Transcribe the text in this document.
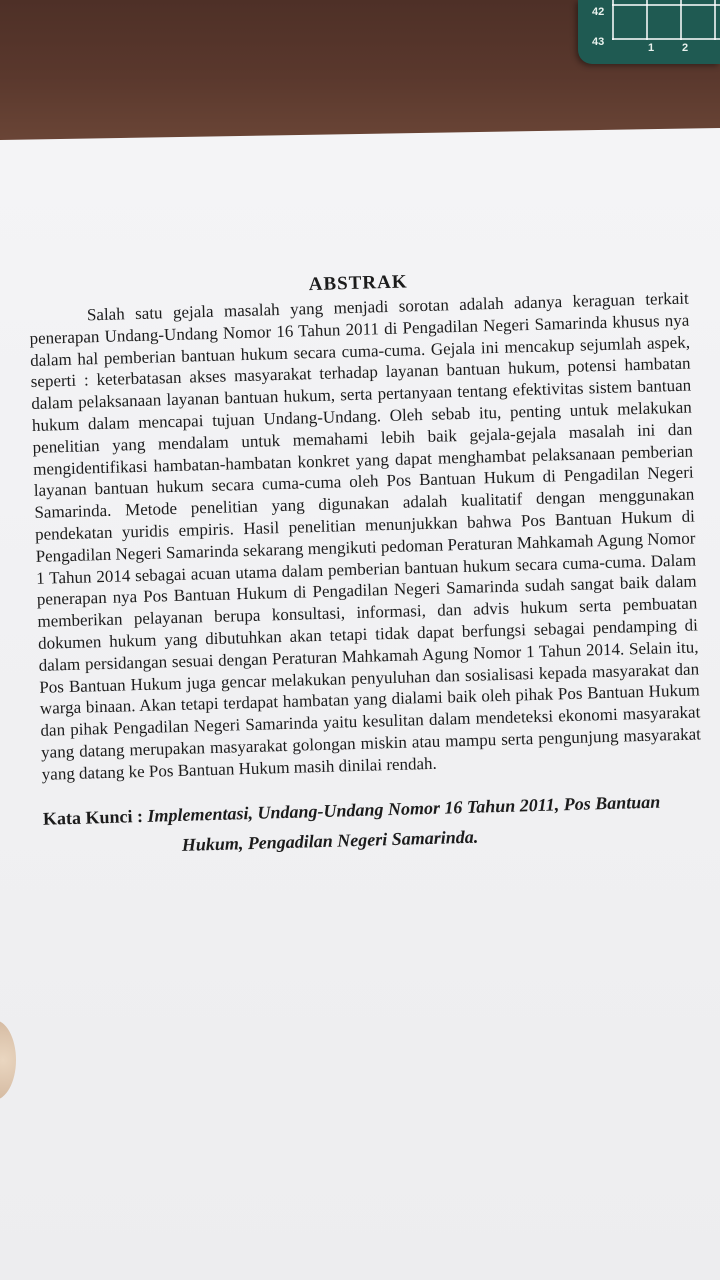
42
43	1	2
ABSTRAK

Salah satu gejala masalah yang menjadi sorotan adalah adanya keraguan terkait penerapan Undang-Undang Nomor 16 Tahun 2011 di Pengadilan Negeri Samarinda khusus nya dalam hal pemberian bantuan hukum secara cuma-cuma. Gejala ini mencakup sejumlah aspek, seperti : keterbatasan akses masyarakat terhadap layanan bantuan hukum, potensi hambatan dalam pelaksanaan layanan bantuan hukum, serta pertanyaan tentang efektivitas sistem bantuan hukum dalam mencapai tujuan Undang-Undang. Oleh sebab itu, penting untuk melakukan penelitian yang mendalam untuk memahami lebih baik gejala-gejala masalah ini dan mengidentifikasi hambatan-hambatan konkret yang dapat menghambat pelaksanaan pemberian layanan bantuan hukum secara cuma-cuma oleh Pos Bantuan Hukum di Pengadilan Negeri Samarinda. Metode penelitian yang digunakan adalah kualitatif dengan menggunakan pendekatan yuridis empiris. Hasil penelitian menunjukkan bahwa Pos Bantuan Hukum di Pengadilan Negeri Samarinda sekarang mengikuti pedoman Peraturan Mahkamah Agung Nomor 1 Tahun 2014 sebagai acuan utama dalam pemberian bantuan hukum secara cuma-cuma. Dalam penerapan nya Pos Bantuan Hukum di Pengadilan Negeri Samarinda sudah sangat baik dalam memberikan pelayanan berupa konsultasi, informasi, dan advis hukum serta pembuatan dokumen hukum yang dibutuhkan akan tetapi tidak dapat berfungsi sebagai pendamping di dalam persidangan sesuai dengan Peraturan Mahkamah Agung Nomor 1 Tahun 2014. Selain itu, Pos Bantuan Hukum juga gencar melakukan penyuluhan dan sosialisasi kepada masyarakat dan warga binaan. Akan tetapi terdapat hambatan yang dialami baik oleh pihak Pos Bantuan Hukum dan pihak Pengadilan Negeri Samarinda yaitu kesulitan dalam mendeteksi ekonomi masyarakat yang datang merupakan masyarakat golongan miskin atau mampu serta pengunjung masyarakat yang datang ke Pos Bantuan Hukum masih dinilai rendah.

Kata Kunci : Implementasi, Undang-Undang Nomor 16 Tahun 2011, Pos Bantuan Hukum, Pengadilan Negeri Samarinda.
